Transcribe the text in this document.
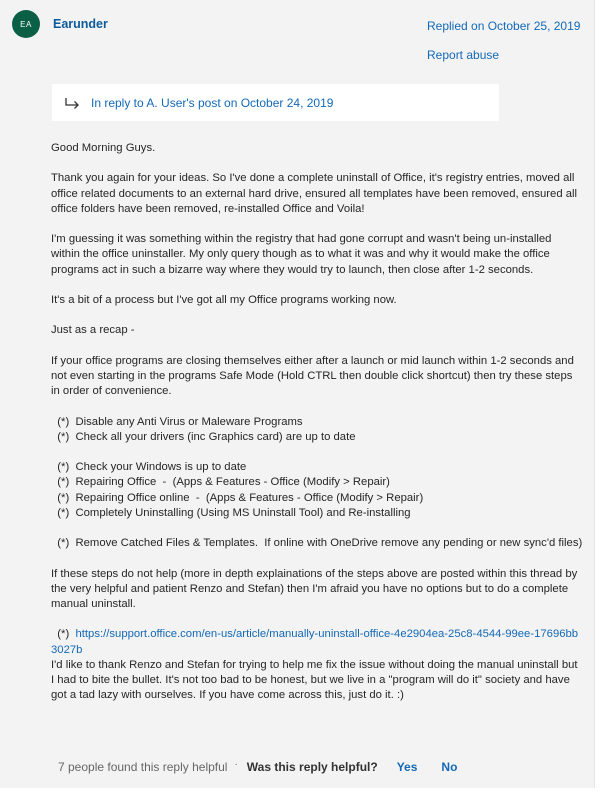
EA	Earunder	Replied on October 25, 2019
Report abuse
In reply to A. User's post on October 24, 2019

Good Morning Guys.

Thank you again for your ideas. So I've done a complete uninstall of Office, it's registry entries, moved all office related documents to an external hard drive, ensured all templates have been removed, ensured all office folders have been removed, re-installed Office and Voila!

I'm guessing it was something within the registry that had gone corrupt and wasn't being un-installed within the office uninstaller. My only query though as to what it was and why it would make the office programs act in such a bizarre way where they would try to launch, then close after 1-2 seconds.

It's a bit of a process but I've got all my Office programs working now.

Just as a recap -

If your office programs are closing themselves either after a launch or mid launch within 1-2 seconds and not even starting in the programs Safe Mode (Hold CTRL then double click shortcut) then try these steps in order of convenience.

(*)  Disable any Anti Virus or Maleware Programs
(*)  Check all your drivers (inc Graphics card) are up to date
(*)  Check your Windows is up to date
(*)  Repairing Office  -  (Apps & Features - Office (Modify > Repair)
(*)  Repairing Office online  -  (Apps & Features - Office (Modify > Repair)
(*)  Completely Uninstalling (Using MS Uninstall Tool) and Re-installing

(*)  Remove Catched Files & Templates.  If online with OneDrive remove any pending or new sync'd files)

If these steps do not help (more in depth explainations of the steps above are posted within this thread by the very helpful and patient Renzo and Stefan) then I'm afraid you have no options but to do a complete manual uninstall.

(*)  https://support.office.com/en-us/article/manually-uninstall-office-4e2904ea-25c8-4544-99ee-17696bb3027b

I'd like to thank Renzo and Stefan for trying to help me fix the issue without doing the manual uninstall but I had to bite the bullet. It's not too bad to be honest, but we live in a "program will do it" society and have got a tad lazy with ourselves. If you have come across this, just do it. :)

7 people found this reply helpful · Was this reply helpful? Yes No
